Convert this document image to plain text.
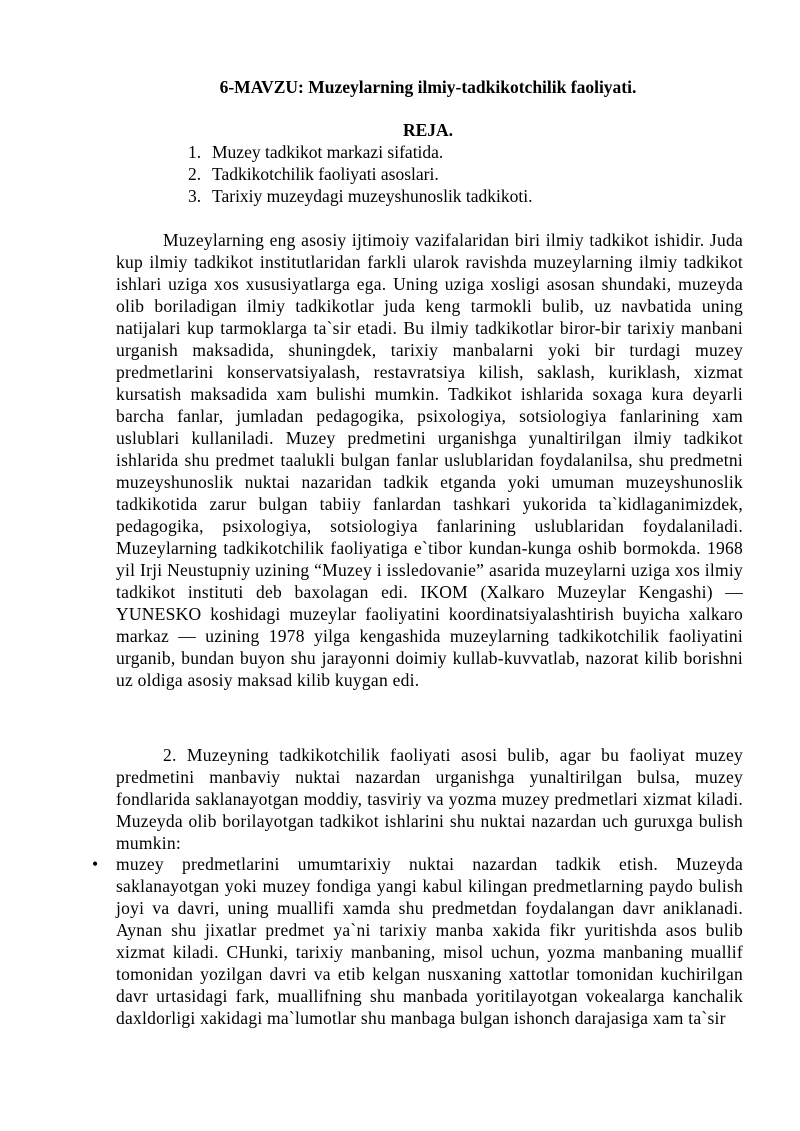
6-MAVZU: Muzeylarning ilmiy-tadkikotchilik faoliyati.
REJA.
1. Muzey tadkikot markazi sifatida.
2. Tadkikotchilik faoliyati asoslari.
3. Tarixiy muzeydagi muzeyshunoslik tadkikoti.

Muzeylarning eng asosiy ijtimoiy vazifalaridan biri ilmiy tadkikot ishidir. Juda kup ilmiy tadkikot institutlaridan farkli ularok ravishda muzeylarning ilmiy tadkikot ishlari uziga xos xususiyatlarga ega. Uning uziga xosligi asosan shundaki, muzeyda olib boriladigan ilmiy tadkikotlar juda keng tarmokli bulib, uz navbatida uning natijalari kup tarmoklarga ta`sir etadi. Bu ilmiy tadkikotlar biror-bir tarixiy manbani urganish maksadida, shuningdek, tarixiy manbalarni yoki bir turdagi muzey predmetlarini konservatsiyalash, restavratsiya kilish, saklash, kuriklash, xizmat kursatish maksadida xam bulishi mumkin. Tadkikot ishlarida soxaga kura deyarli barcha fanlar, jumladan pedagogika, psixologiya, sotsiologiya fanlarining xam uslublari kullaniladi. Muzey predmetini urganishga yunaltirilgan ilmiy tadkikot ishlarida shu predmet taalukli bulgan fanlar uslublaridan foydalanilsa, shu predmetni muzeyshunoslik nuktai nazaridan tadkik etganda yoki umuman muzeyshunoslik tadkikotida zarur bulgan tabiiy fanlardan tashkari yukorida ta`kidlaganimizdek, pedagogika, psixologiya, sotsiologiya fanlarining uslublaridan foydalaniladi. Muzeylarning tadkikotchilik faoliyatiga e`tibor kundan-kunga oshib bormokda. 1968 yil Irji Neustupniy uzining “Muzey i issledovanie” asarida muzeylarni uziga xos ilmiy tadkikot instituti deb baxolagan edi. IKOM (Xalkaro Muzeylar Kengashi) — YUNESKO koshidagi muzeylar faoliyatini koordinatsiyalashtirish buyicha xalkaro markaz — uzining 1978 yilga kengashida muzeylarning tadkikotchilik faoliyatini urganib, bundan buyon shu jarayonni doimiy kullab-kuvvatlab, nazorat kilib borishni uz oldiga asosiy maksad kilib kuygan edi.

2. Muzeyning tadkikotchilik faoliyati asosi bulib, agar bu faoliyat muzey predmetini manbaviy nuktai nazardan urganishga yunaltirilgan bulsa, muzey fondlarida saklanayotgan moddiy, tasviriy va yozma muzey predmetlari xizmat kiladi. Muzeyda olib borilayotgan tadkikot ishlarini shu nuktai nazardan uch guruxga bulish mumkin:

• muzey predmetlarini umumtarixiy nuktai nazardan tadkik etish. Muzeyda saklanayotgan yoki muzey fondiga yangi kabul kilingan predmetlarning paydo bulish joyi va davri, uning muallifi xamda shu predmetdan foydalangan davr aniklanadi. Aynan shu jixatlar predmet ya`ni tarixiy manba xakida fikr yuritishda asos bulib xizmat kiladi. CHunki, tarixiy manbaning, misol uchun, yozma manbaning muallif tomonidan yozilgan davri va etib kelgan nusxaning xattotlar tomonidan kuchirilgan davr urtasidagi fark, muallifning shu manbada yoritilayotgan vokealarga kanchalik daxldorligi xakidagi ma`lumotlar shu manbaga bulgan ishonch darajasiga xam ta`sir
